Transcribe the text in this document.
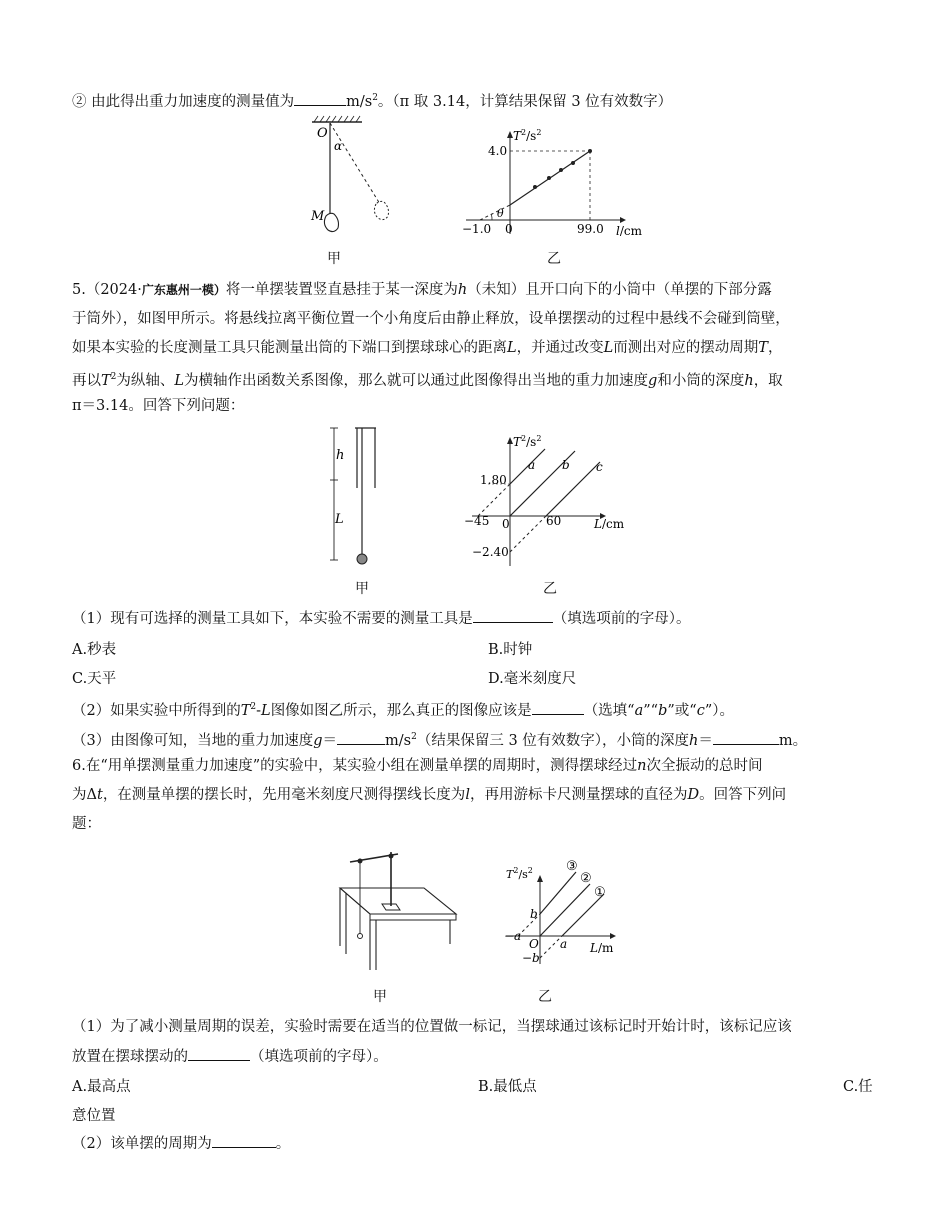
② 由此得出重力加速度的测量值为	$m/s^2$。（π 取 3.14，计算结果保留 3 位有效数字）
O
α
M
甲
θ
$T^2/s^2$
4.0
−1.0 0	99.0 l/cm
乙
5.（2024·广东惠州一模）将一单摆装置竖直悬挂于某一深度为h（未知）且开口向下的小筒中（单摆的下部分露
于筒外），如图甲所示。将悬线拉离平衡位置一个小角度后由静止释放，设单摆摆动的过程中悬线不会碰到筒壁，
如果本实验的长度测量工具只能测量出筒的下端口到摆球球心的距离L，并通过改变L而测出对应的摆动周期T，
再以$T^2$为纵轴、L为横轴作出函数关系图像，那么就可以通过此图像得出当地的重力加速度g和小筒的深度h，取
π＝3.14。回答下列问题：
h
L
甲
$T^2/s^2$
a b c
1.80
−2.40
−45 0	60	L/cm
乙
（1）现有可选择的测量工具如下，本实验不需要的测量工具是	（填选项前的字母）。
A.秒表	B.时钟
C.天平	D.毫米刻度尺
（2）如果实验中所得到的$T^2-L$图像如图乙所示，那么真正的图像应该是	（选填“a”“b”或“c”）。
（3）由图像可知，当地的重力加速度g＝	$m/s^2$（结果保留三 3 位有效数字），小筒的深度h＝	m。
6.在“用单摆测量重力加速度”的实验中，某实验小组在测量单摆的周期时，测得摆球经过n次全振动的总时间
为Δt，在测量单摆的摆长时，先用毫米刻度尺测得摆线长度为l，再用游标卡尺测量摆球的直径为D。回答下列问
题：
甲
③
②
①
$T^2/s^2$
b
−a
O a
−b
L/m
乙
（1）为了减小测量周期的误差，实验时需要在适当的位置做一标记，当摆球通过该标记时开始计时，该标记应该
放置在摆球摆动的	（填选项前的字母）。
A.最高点	B.最低点	C.任
意位置
（2）该单摆的周期为	。
